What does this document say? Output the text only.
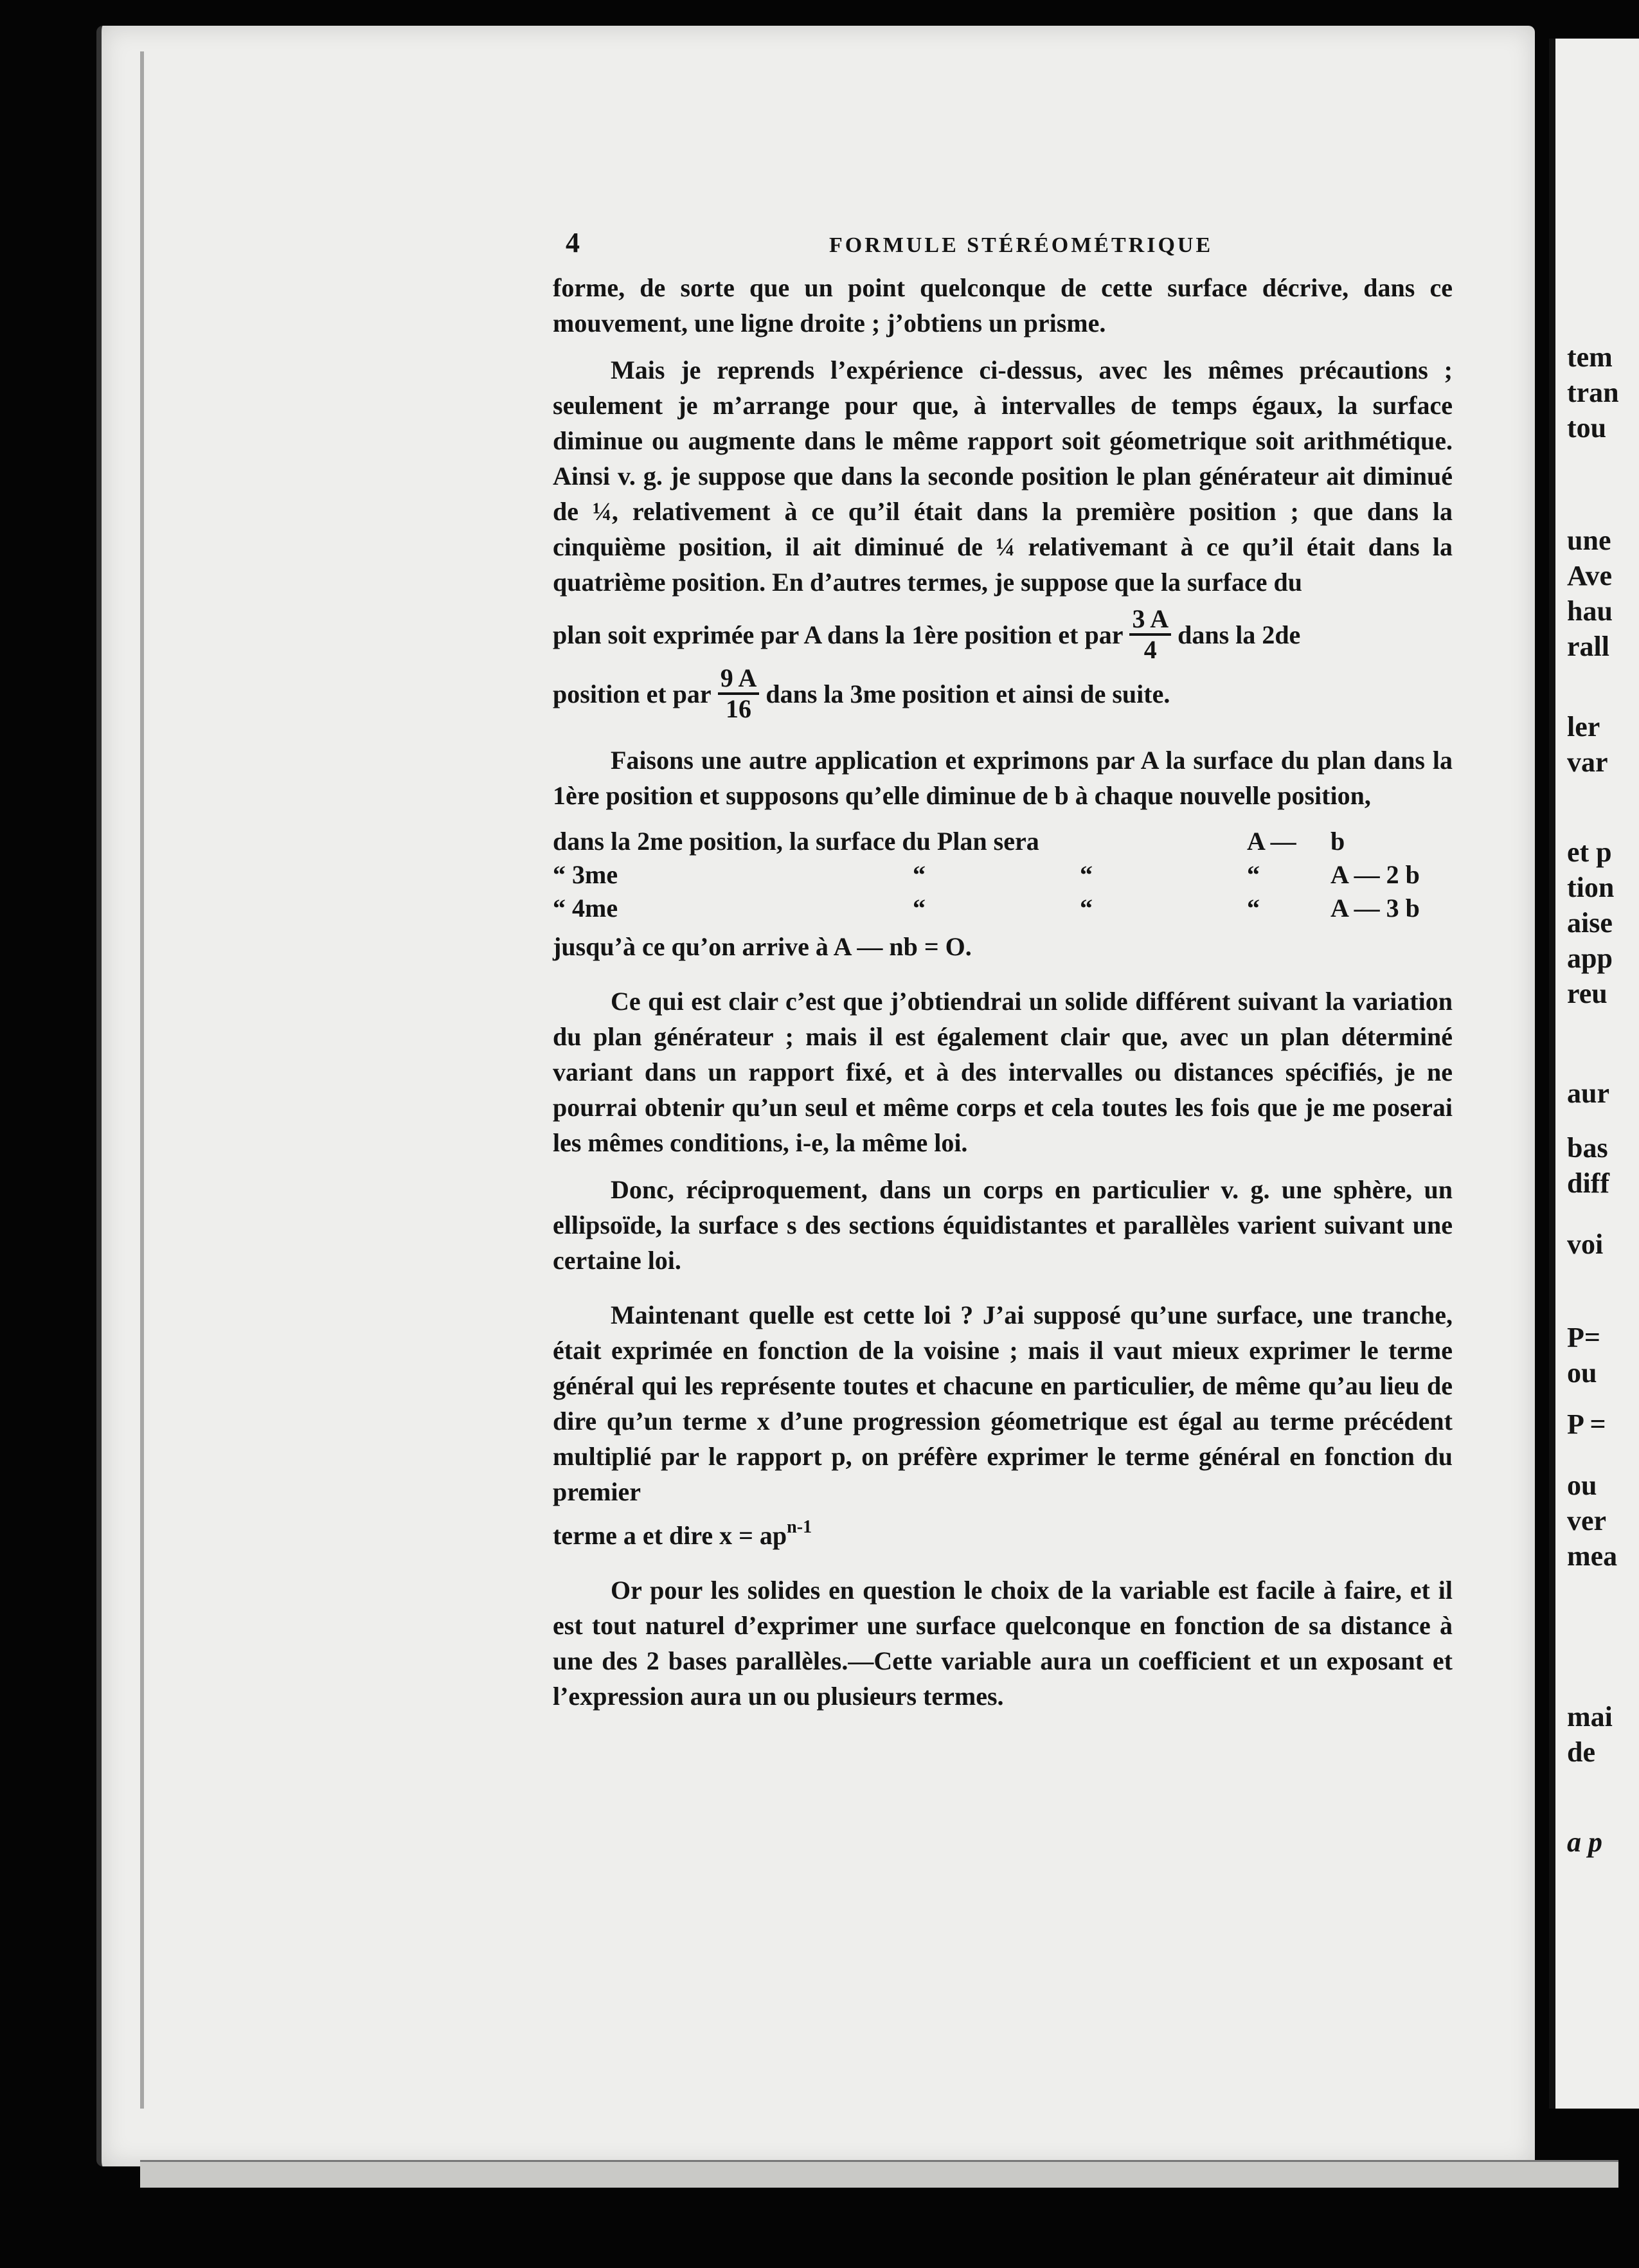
tem
tran
tou
une
Ave
hau
rall
ler
var
et p
tion
aise
app
reu
aur
bas
diff
voi
P=
ou
P =
ou
ver
mea
mai
de
a p
4	FORMULE STÉRÉOMÉTRIQUE

forme, de sorte que un point quelconque de cette surface décrive, dans ce mouvement, une ligne droite ; j’obtiens un prisme.

Mais je reprends l’expérience ci-dessus, avec les mêmes précautions ; seulement je m’arrange pour que, à intervalles de temps égaux, la surface diminue ou augmente dans le même rapport soit géometrique soit arithmétique. Ainsi v. g. je suppose que dans la seconde position le plan générateur ait diminué de ¼, relativement à ce qu’il était dans la première position ; que dans la cinquième position, il ait diminué de ¼ relativemant à ce qu’il était dans la quatrième position. En d’autres termes, je suppose que la surface du

plan soit exprimée par A dans la 1ère position et par $\frac{3 A}{4}$ dans la 2de
position et par $\frac{9 A}{16}$ dans la 3me position et ainsi de suite.

Faisons une autre application et exprimons par A la surface du plan dans la 1ère position et supposons qu’elle diminue de b à chaque nouvelle position,

dans la 2me position, la surface du Plan sera	A —	b
“ 3me	“	“	“	A — 2 b
“ 4me	“	“	“	A — 3 b

jusqu’à ce qu’on arrive à A — nb = O.

Ce qui est clair c’est que j’obtiendrai un solide différent suivant la variation du plan générateur ; mais il est également clair que, avec un plan déterminé variant dans un rapport fixé, et à des intervalles ou distances spécifiés, je ne pourrai obtenir qu’un seul et même corps et cela toutes les fois que je me poserai les mêmes conditions, i-e, la même loi.

Donc, réciproquement, dans un corps en particulier v. g. une sphère, un ellipsoïde, la surface s des sections équidistantes et parallèles varient suivant une certaine loi.

Maintenant quelle est cette loi ? J’ai supposé qu’une surface, une tranche, était exprimée en fonction de la voisine ; mais il vaut mieux exprimer le terme général qui les représente toutes et chacune en particulier, de même qu’au lieu de dire qu’un terme x d’une progression géometrique est égal au terme précédent multiplié par le rapport p, on préfère exprimer le terme général en fonction du premier

terme a et dire $x = ap^{n-1}$

Or pour les solides en question le choix de la variable est facile à faire, et il est tout naturel d’exprimer une surface quelconque en fonction de sa distance à une des 2 bases parallèles.—Cette variable aura un coefficient et un exposant et l’expression aura un ou plusieurs termes.
